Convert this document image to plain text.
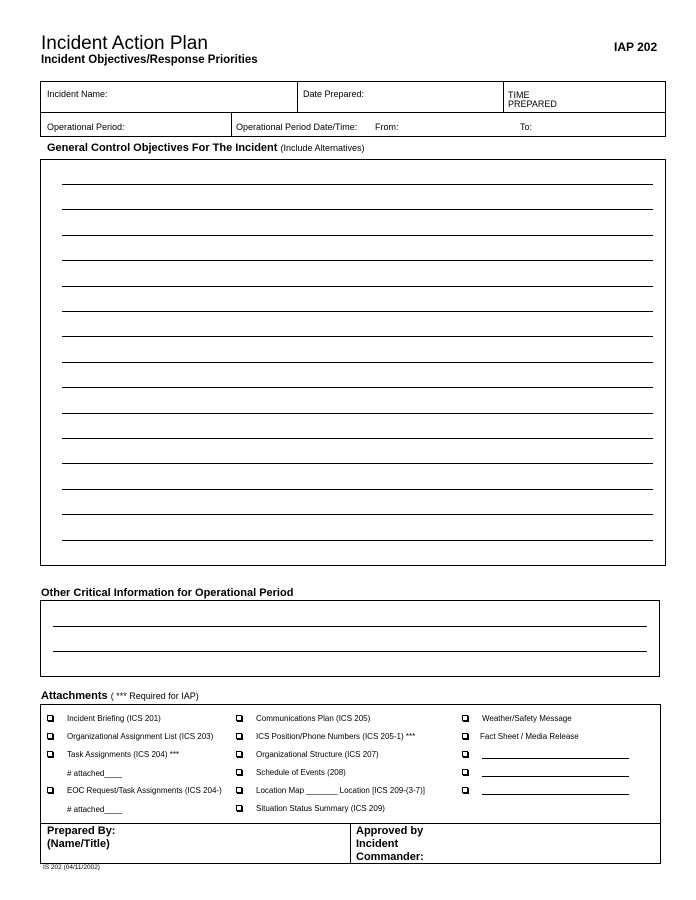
Incident Action Plan
Incident Objectives/Response Priorities
IAP 202
Incident Name:	Date Prepared:	TIME
PREPARED
Operational Period:	Operational Period Date/Time: From:	To:
General Control Objectives For The Incident (Include Alternatives)
Other Critical Information for Operational Period
Attachments ( *** Required for IAP)
Incident Briefing (ICS 201)
Organizational Assignment List (ICS 203)
Task Assignments (ICS 204) ***
# attached____
EOC Request/Task Assignments (ICS 204-)
# attached____
Communications Plan (ICS 205)
ICS Position/Phone Numbers (ICS 205-1) ***
Organizational Structure (ICS 207)
Schedule of Events (208)
Location Map _______ Location [ICS 209-(3-7)]
Situation Status Summary (ICS 209)
Weather/Safety Message
Fact Sheet / Media Release
Prepared By:
(Name/Title)
Approved by
Incident
Commander:
IS 202 (04/11/2002)
